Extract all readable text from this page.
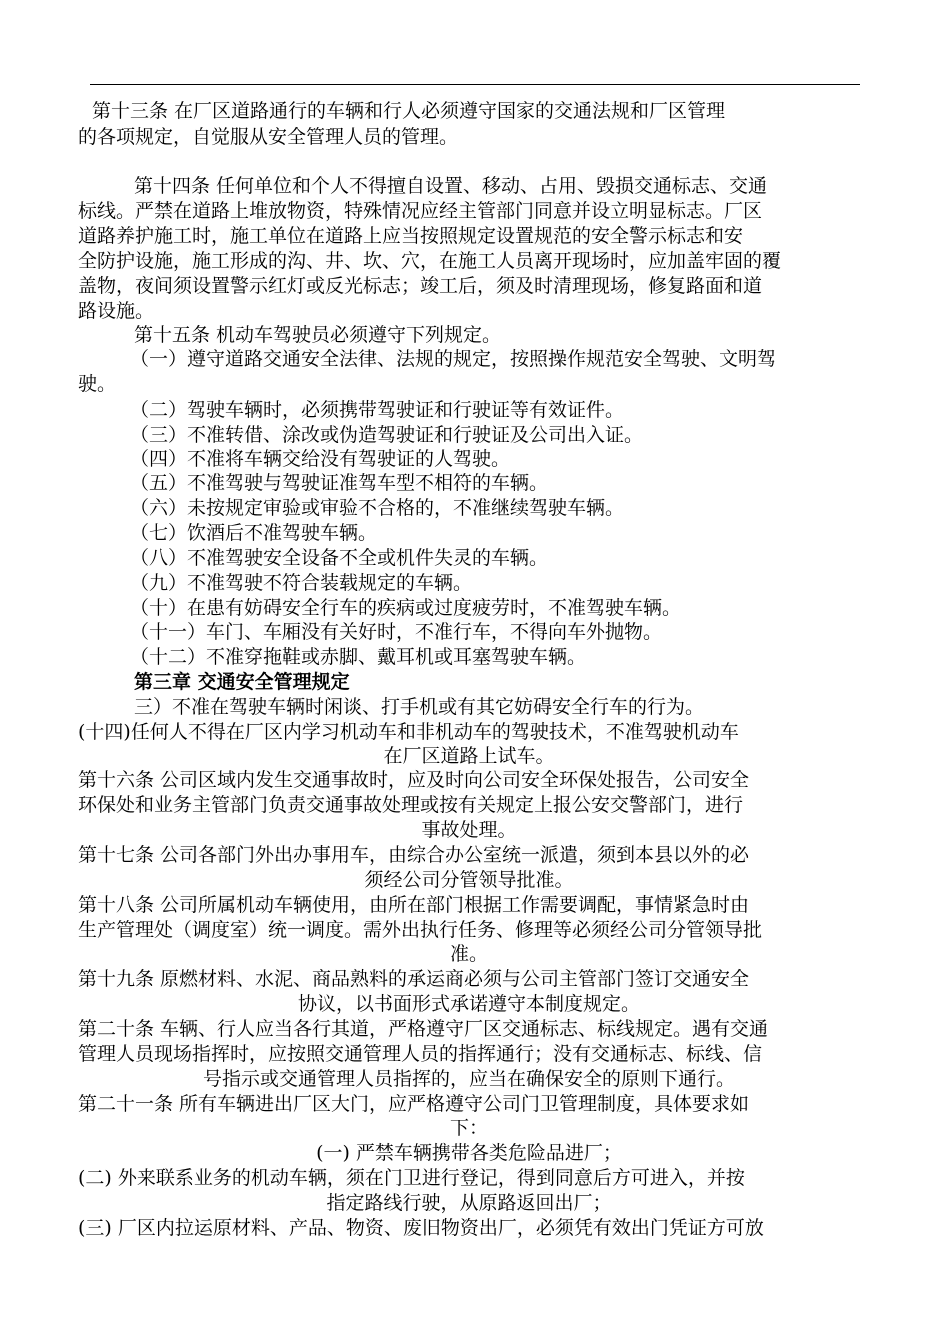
第十三条 在厂区道路通行的车辆和行人必须遵守国家的交通法规和厂区管理
的各项规定，自觉服从安全管理人员的管理。
第十四条 任何单位和个人不得擅自设置、移动、占用、毁损交通标志、交通
标线。严禁在道路上堆放物资，特殊情况应经主管部门同意并设立明显标志。厂区
道路养护施工时，施工单位在道路上应当按照规定设置规范的安全警示标志和安
全防护设施，施工形成的沟、井、坎、穴，在施工人员离开现场时，应加盖牢固的覆
盖物，夜间须设置警示红灯或反光标志；竣工后，须及时清理现场，修复路面和道
路设施。
第十五条 机动车驾驶员必须遵守下列规定。
（一）遵守道路交通安全法律、法规的规定，按照操作规范安全驾驶、文明驾
驶。
（二）驾驶车辆时，必须携带驾驶证和行驶证等有效证件。
（三）不准转借、涂改或伪造驾驶证和行驶证及公司出入证。
（四）不准将车辆交给没有驾驶证的人驾驶。
（五）不准驾驶与驾驶证准驾车型不相符的车辆。
（六）未按规定审验或审验不合格的，不准继续驾驶车辆。
（七）饮酒后不准驾驶车辆。
（八）不准驾驶安全设备不全或机件失灵的车辆。
（九）不准驾驶不符合装载规定的车辆。
（十）在患有妨碍安全行车的疾病或过度疲劳时，不准驾驶车辆。
（十一）车门、车厢没有关好时，不准行车，不得向车外抛物。
（十二）不准穿拖鞋或赤脚、戴耳机或耳塞驾驶车辆。
第三章 交通安全管理规定
三）不准在驾驶车辆时闲谈、打手机或有其它妨碍安全行车的行为。
(十四)任何人不得在厂区内学习机动车和非机动车的驾驶技术，不准驾驶机动车
在厂区道路上试车。
第十六条 公司区域内发生交通事故时，应及时向公司安全环保处报告，公司安全
环保处和业务主管部门负责交通事故处理或按有关规定上报公安交警部门，进行
事故处理。
第十七条 公司各部门外出办事用车，由综合办公室统一派遣，须到本县以外的必
须经公司分管领导批准。
第十八条 公司所属机动车辆使用，由所在部门根据工作需要调配，事情紧急时由
生产管理处（调度室）统一调度。需外出执行任务、修理等必须经公司分管领导批
准。
第十九条 原燃材料、水泥、商品熟料的承运商必须与公司主管部门签订交通安全
协议，以书面形式承诺遵守本制度规定。
第二十条 车辆、行人应当各行其道，严格遵守厂区交通标志、标线规定。遇有交通
管理人员现场指挥时，应按照交通管理人员的指挥通行；没有交通标志、标线、信
号指示或交通管理人员指挥的，应当在确保安全的原则下通行。
第二十一条 所有车辆进出厂区大门，应严格遵守公司门卫管理制度，具体要求如
下：
(一) 严禁车辆携带各类危险品进厂；
(二) 外来联系业务的机动车辆，须在门卫进行登记，得到同意后方可进入，并按
指定路线行驶，从原路返回出厂；
(三) 厂区内拉运原材料、产品、物资、废旧物资出厂，必须凭有效出门凭证方可放
